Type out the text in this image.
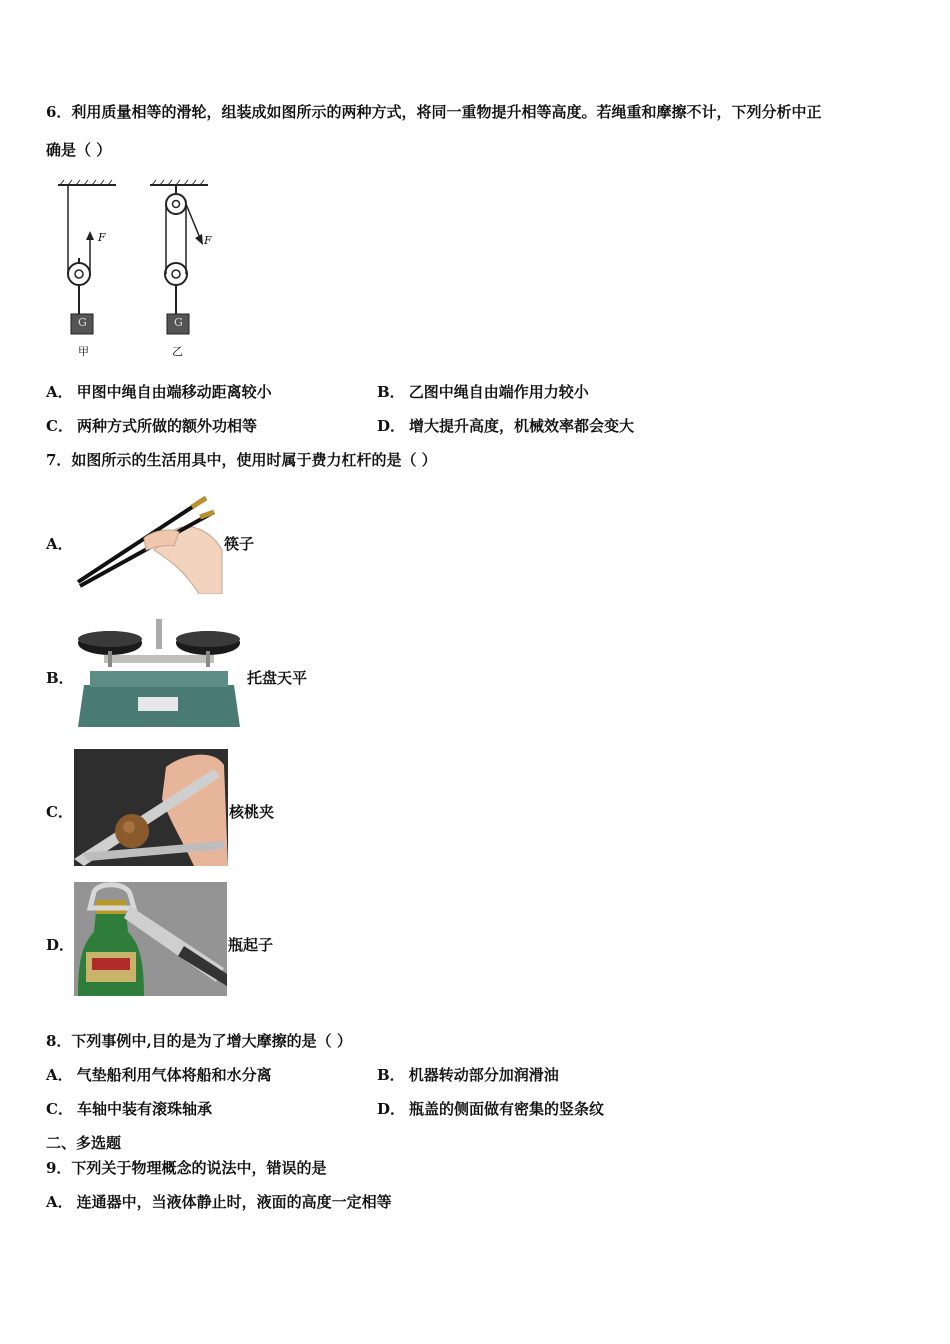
6．利用质量相等的滑轮，组装成如图所示的两种方式，将同一重物提升相等高度。若绳重和摩擦不计，下列分析中正
确是（ ）
F	F
G	G
甲	乙
A． 甲图中绳自由端移动距离较小	B． 乙图中绳自由端作用力较小
C． 两种方式所做的额外功相等	D． 增大提升高度，机械效率都会变大
7．如图所示的生活用具中，使用时属于费力杠杆的是（ ）
A．	筷子
B．	托盘天平
C．	核桃夹
D．	瓶起子
8．下列事例中,目的是为了增大摩擦的是（ ）
A． 气垫船利用气体将船和水分离	B． 机器转动部分加润滑油
C． 车轴中装有滚珠轴承	D． 瓶盖的侧面做有密集的竖条纹
二、多选题
9．下列关于物理概念的说法中，错误的是
A． 连通器中，当液体静止时，液面的高度一定相等
